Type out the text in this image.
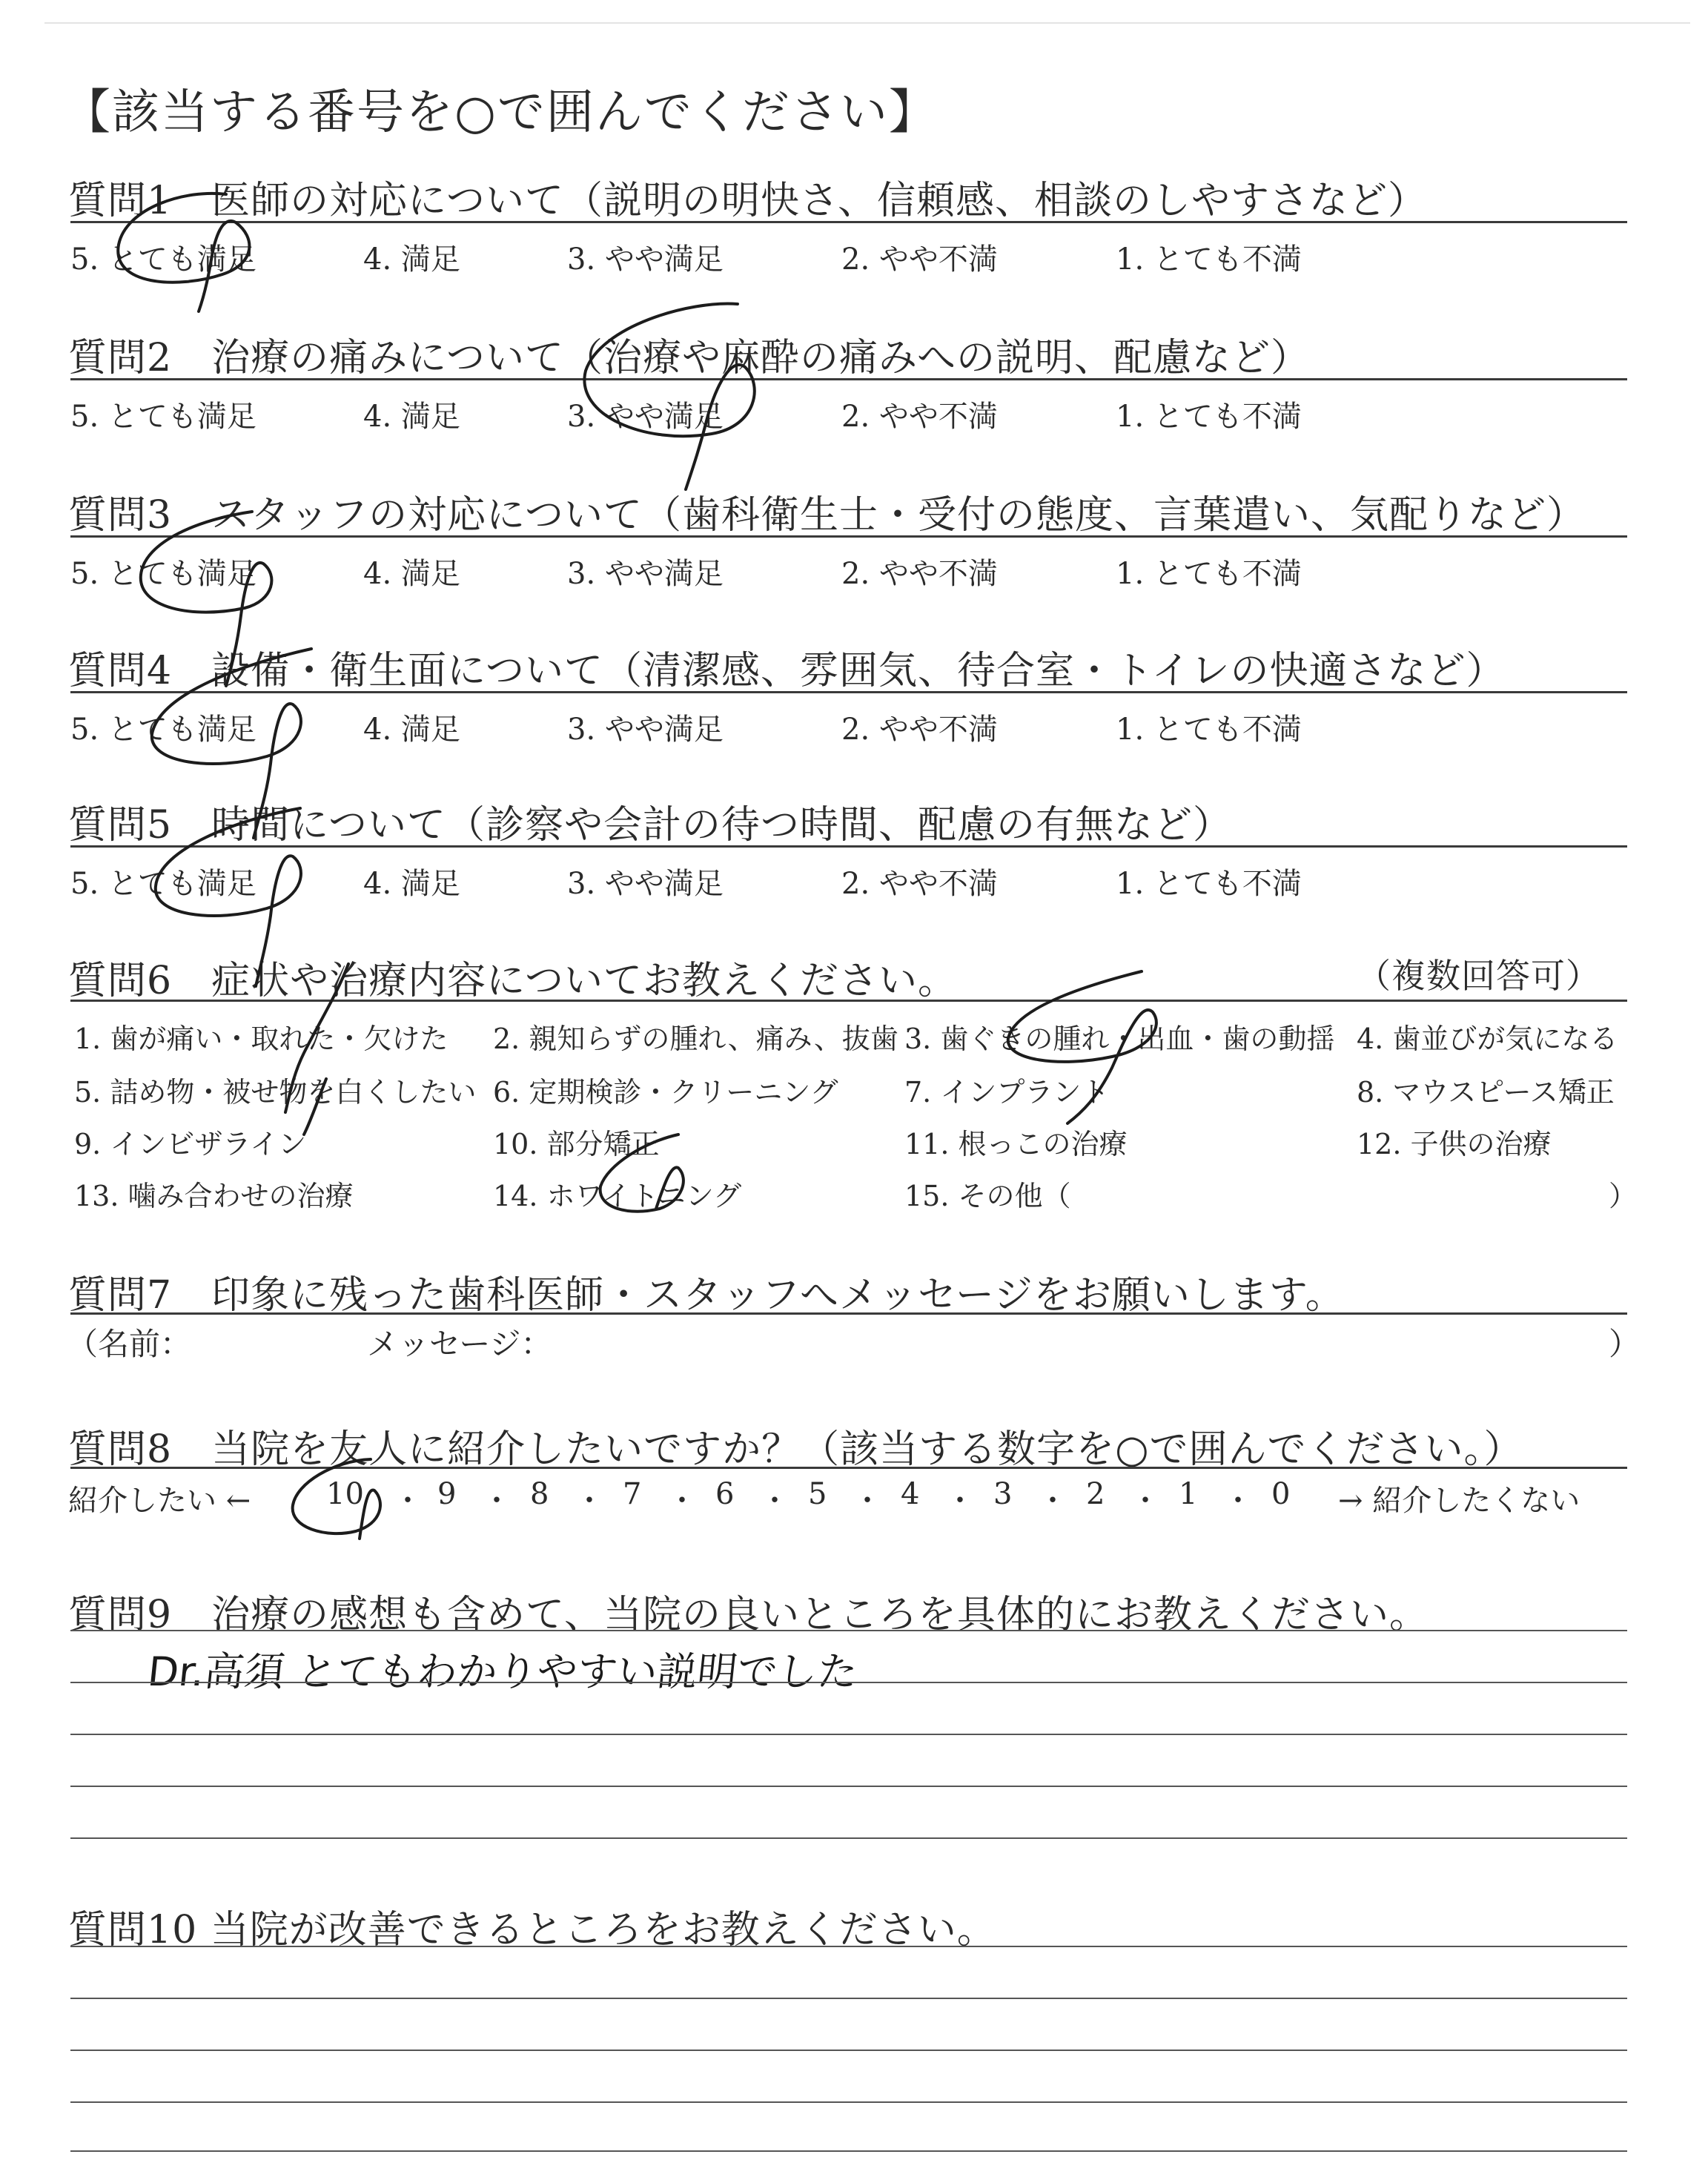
【該当する番号を○で囲んでください】
質問1　医師の対応について（説明の明快さ、信頼感、相談のしやすさなど）
5. とても満足	4. 満足	3. やや満足	2. やや不満	1. とても不満
質問2　治療の痛みについて（治療や麻酔の痛みへの説明、配慮など）
5. とても満足	4. 満足	3. やや満足	2. やや不満	1. とても不満
質問3　スタッフの対応について（歯科衛生士・受付の態度、言葉遣い、気配りなど）
5. とても満足	4. 満足	3. やや満足	2. やや不満	1. とても不満
質問4　設備・衛生面について（清潔感、雰囲気、待合室・トイレの快適さなど）
5. とても満足	4. 満足	3. やや満足	2. やや不満	1. とても不満
質問5　時間について（診察や会計の待つ時間、配慮の有無など）
5. とても満足	4. 満足	3. やや満足	2. やや不満	1. とても不満
質問6　症状や治療内容についてお教えください。	（複数回答可）
1. 歯が痛い・取れた・欠けた 2. 親知らずの腫れ、痛み、抜歯 3. 歯ぐきの腫れ・出血・歯の動揺 4. 歯並びが気になる
5. 詰め物・被せ物を白くしたい 6. 定期検診・クリーニング 7. インプラント	8. マウスピース矯正
9. インビザライン	10. 部分矯正	11. 根っこの治療	12. 子供の治療
13. 噛み合わせの治療	14. ホワイトニング	15. その他（	）
質問7　印象に残った歯科医師・スタッフへメッセージをお願いします。
（名前：	メッセージ：	）
質問8　当院を友人に紹介したいですか？（該当する数字を○で囲んでください。）
紹介したい ←	10 ・ 9 ・ 8 ・ 7 ・ 6 ・ 5 ・ 4 ・ 3 ・ 2 ・ 1 ・ 0 → 紹介したくない
質問9　治療の感想も含めて、当院の良いところを具体的にお教えください。
Dr.高須 とてもわかりやすい説明でした
質問10 当院が改善できるところをお教えください。
